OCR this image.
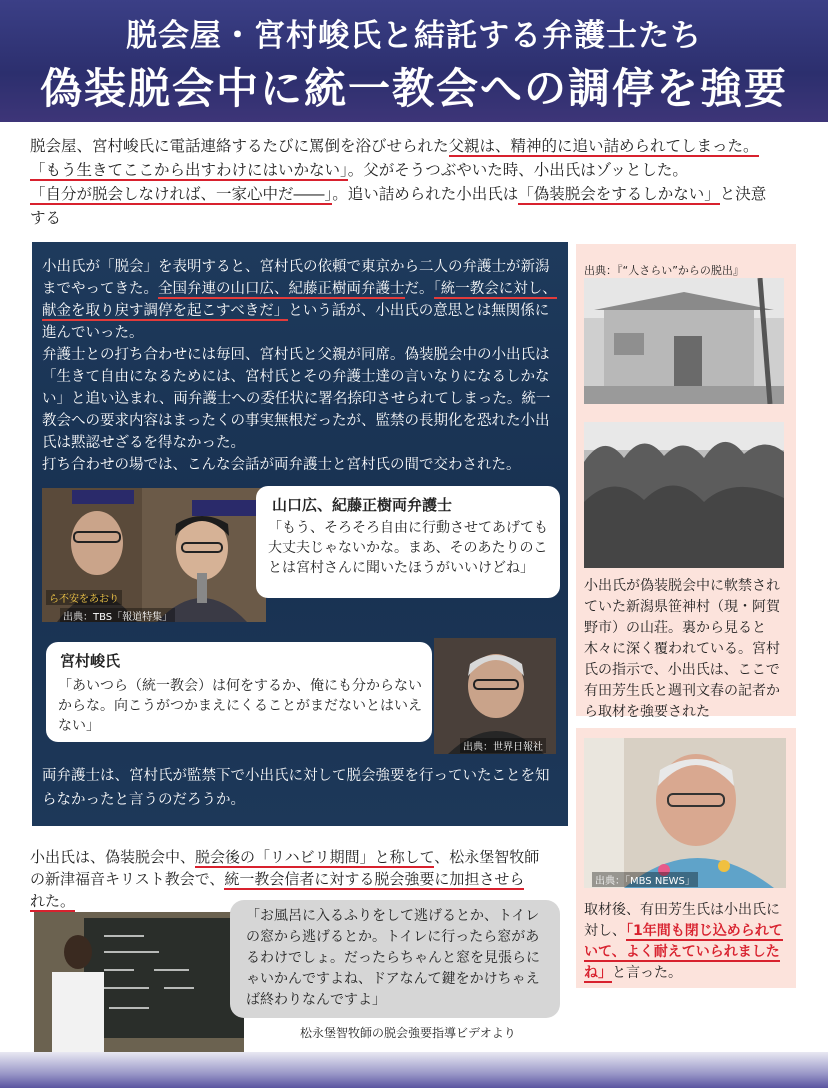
脱会屋・宮村峻氏と結託する弁護士たち
偽装脱会中に統一教会への調停を強要

脱会屋、宮村峻氏に電話連絡するたびに罵倒を浴びせられた父親は、精神的に追い詰められてしまった。

「もう生きてここから出すわけにはいかない」。父がそうつぶやいた時、小出氏はゾッとした。

「自分が脱会しなければ、一家心中だ――」。追い詰められた小出氏は「偽装脱会をするしかない」と決意

する

小出氏が「脱会」を表明すると、宮村氏の依頼で東京から二人の弁護士が新潟までやってきた。全国弁連の山口広、紀藤正樹両弁護士だ。「統一教会に対し、献金を取り戻す調停を起こすべきだ」という話が、小出氏の意思とは無関係に進んでいった。

弁護士との打ち合わせには毎回、宮村氏と父親が同席。偽装脱会中の小出氏は「生きて自由になるためには、宮村氏とその弁護士達の言いなりになるしかない」と追い込まれ、両弁護士への委任状に署名捺印させられてしまった。統一教会への要求内容はまったくの事実無根だったが、監禁の長期化を恐れた小出氏は黙認せざるを得なかった。

打ち合わせの場では、こんな会話が両弁護士と宮村氏の間で交わされた。

ら不安をあおり
出典：TBS「報道特集」
山口広、紀藤正樹両弁護士
「もう、そろそろ自由に行動させてあげても大丈夫じゃないかな。まあ、そのあたりのことは宮村さんに聞いたほうがいいけどね」
宮村峻氏
「あいつら（統一教会）は何をするか、俺にも分からないからな。向こうがつかまえにくることがまだないとはいえない」
出典：世界日報社
両弁護士は、宮村氏が監禁下で小出氏に対して脱会強要を行っていたことを知らなかったと言うのだろうか。
出典：『“人さらい”からの脱出』
小出氏が偽装脱会中に軟禁されていた新潟県笹神村（現・阿賀野市）の山荘。裏から見ると木々に深く覆われている。宮村氏の指示で、小出氏は、ここで有田芳生氏と週刊文春の記者から取材を強要された
出典：「MBS NEWS」
取材後、有田芳生氏は小出氏に対し、「1年間も閉じ込められていて、よく耐えていられましたね」と言った。
小出氏は、偽装脱会中、脱会後の「リハビリ期間」と称して、松永堡智牧師
の新津福音キリスト教会で、統一教会信者に対する脱会強要に加担させら
れた。
「お風呂に入るふりをして逃げるとか、トイレの窓から逃げるとか。トイレに行ったら窓があるわけでしょ。だったらちゃんと窓を見張らにゃいかんですよね、ドアなんて鍵をかけちゃえば終わりなんですよ」
松永堡智牧師の脱会強要指導ビデオより
